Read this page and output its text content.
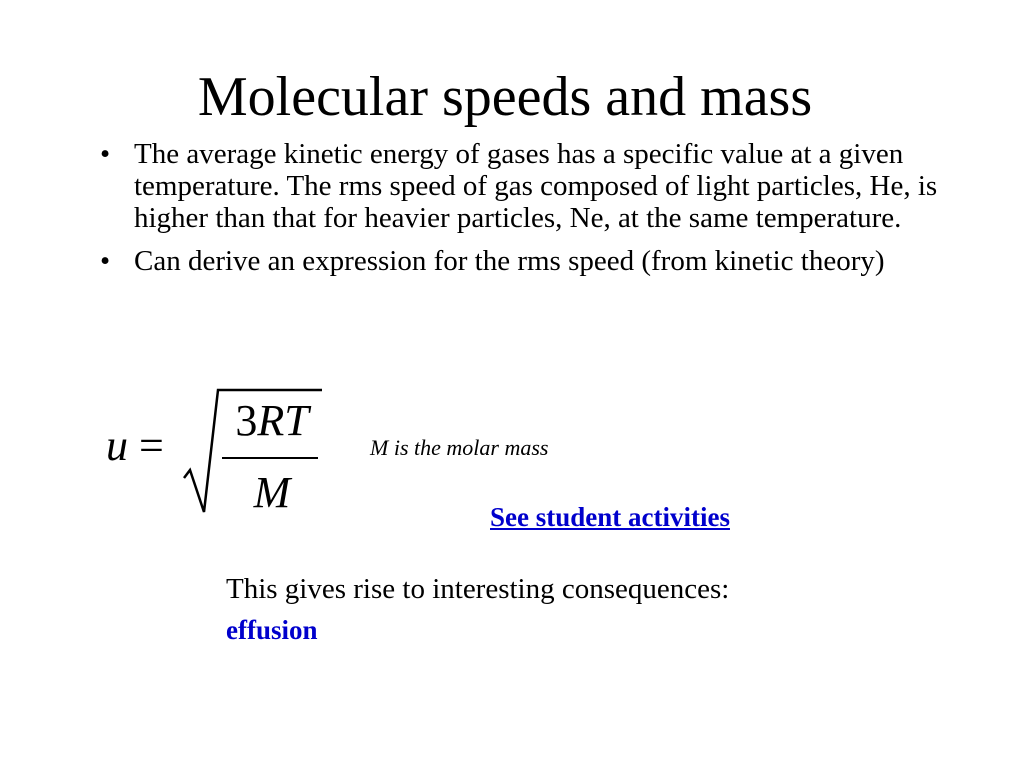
Molecular speeds and mass
• The average kinetic energy of gases has a specific value at a given temperature. The rms speed of gas composed of light particles, He, is higher than that for heavier particles, Ne, at the same temperature.
• Can derive an expression for the rms speed (from kinetic theory)
u =
3RT
M
M is the molar mass
See student activities
This gives rise to interesting consequences:
effusion
